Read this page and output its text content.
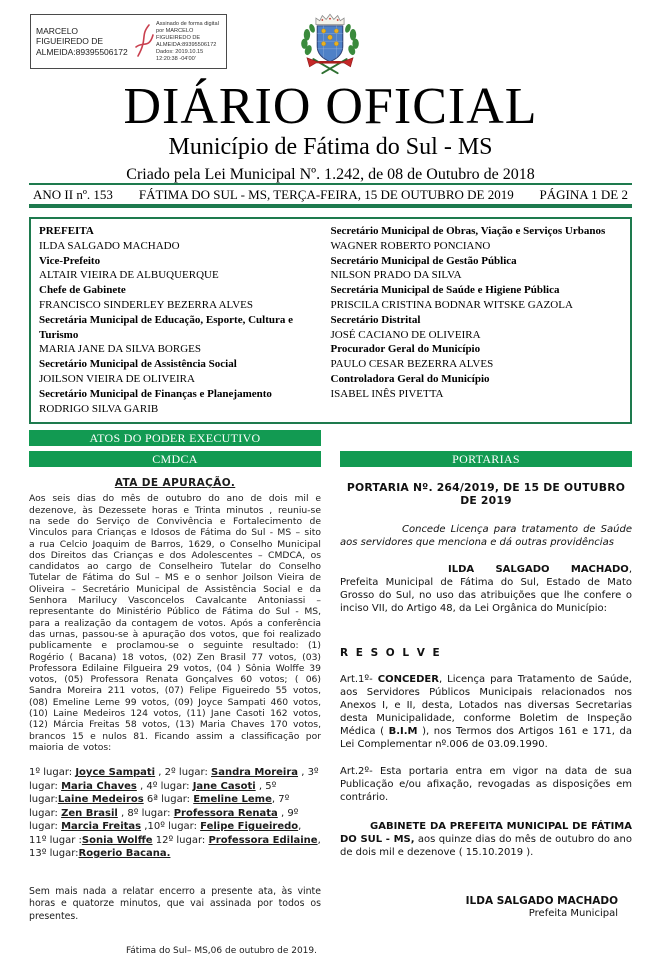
MARCELO FIGUEIREDO DE ALMEIDA:89395506172
Assinado de forma digital por MARCELO FIGUEIREDO DE ALMEIDA:89395506172 Dados: 2019.10.15 12:20:38 -04'00'
DIÁRIO OFICIAL
Município de Fátima do Sul - MS
Criado pela Lei Municipal Nº. 1.242, de 08 de Outubro de 2018
ANO II nº. 153	FÁTIMA DO SUL - MS, TERÇA-FEIRA, 15 DE OUTUBRO DE 2019	PÁGINA 1 DE 2
PREFEITA
ILDA SALGADO MACHADO
Vice-Prefeito
ALTAIR VIEIRA DE ALBUQUERQUE
Chefe de Gabinete
FRANCISCO SINDERLEY BEZERRA ALVES
Secretária Municipal de Educação, Esporte, Cultura e Turismo
MARIA JANE DA SILVA BORGES
Secretário Municipal de Assistência Social
JOILSON VIEIRA DE OLIVEIRA
Secretário Municipal de Finanças e Planejamento
RODRIGO SILVA GARIB
Secretário Municipal de Obras, Viação e Serviços Urbanos
WAGNER ROBERTO PONCIANO
Secretário Municipal de Gestão Pública
NILSON PRADO DA SILVA
Secretária Municipal de Saúde e Higiene Pública
PRISCILA CRISTINA BODNAR WITSKE GAZOLA
Secretário Distrital
JOSÉ CACIANO DE OLIVEIRA
Procurador Geral do Município
PAULO CESAR BEZERRA ALVES
Controladora Geral do Município
ISABEL INÊS PIVETTA
ATOS DO PODER EXECUTIVO
CMDCA	PORTARIAS
ATA DE APURAÇÃO.

Aos seis dias do mês de outubro do ano de dois mil e dezenove, às Dezessete horas e Trinta minutos , reuniu-se na sede do Serviço de Convivência e Fortalecimento de Vinculos para Crianças e Idosos de Fátima do Sul - MS – sito a rua Celcio Joaquim de Barros, 1629, o Conselho Municipal dos Direitos das Crianças e dos Adolescentes – CMDCA, os candidatos ao cargo de Conselheiro Tutelar do Conselho Tutelar de Fátima do Sul – MS e o senhor Joilson Vieira de Oliveira – Secretário Municipal de Assistência Social e da Senhora Marilucy Vasconcelos Cavalcante Antoniassi – representante do Ministério Público de Fátima do Sul - MS, para a realização da contagem de votos. Após a conferência das urnas, passou-se à apuração dos votos, que foi realizado publicamente e proclamou-se o seguinte resultado: (1) Rogério ( Bacana) 18 votos, (02) Zen Brasil 77 votos, (03) Professora Edilaine Filgueira 29 votos, (04 ) Sônia Wolffe 39 votos, (05) Professora Renata Gonçalves 60 votos; ( 06) Sandra Moreira 211 votos, (07) Felipe Figueiredo 55 votos, (08) Emeline Leme 99 votos, (09) Joyce Sampati 460 votos, (10) Laine Medeiros 124 votos, (11) Jane Casoti 162 votos, (12) Márcia Freitas 58 votos, (13) Maria Chaves 170 votos, brancos 15 e nulos 81. Ficando assim a classificação por maioria de votos:

1º lugar: Joyce Sampati , 2º lugar: Sandra Moreira , 3º lugar: Maria Chaves , 4º lugar: Jane Casoti , 5º lugar:Laine Medeiros 6ª lugar: Emeline Leme, 7º lugar: Zen Brasil , 8º lugar: Professora Renata , 9º lugar: Marcia Freitas ,10º lugar: Felipe Figueiredo, 11º lugar :Sonia Wolffe 12º lugar: Professora Edilaine, 13º lugar:Rogerio Bacana.

Sem mais nada a relatar encerro a presente ata, às vinte horas e quatorze minutos, que vai assinada por todos os presentes.

Fátima do Sul– MS,06 de outubro de 2019.
PORTARIA Nº. 264/2019, DE 15 DE OUTUBRO DE 2019

Concede Licença para tratamento de Saúde aos servidores que menciona e dá outras providências

ILDA SALGADO MACHADO, Prefeita Municipal de Fátima do Sul, Estado de Mato Grosso do Sul, no uso das atribuições que lhe confere o inciso VII, do Artigo 48, da Lei Orgânica do Município:

R E S O L V E

Art.1º- CONCEDER, Licença para Tratamento de Saúde, aos Servidores Públicos Municipais relacionados nos Anexos I, e II, desta, Lotados nas diversas Secretarias desta Municipalidade, conforme Boletim de Inspeção Médica ( B.I.M ), nos Termos dos Artigos 161 e 171, da Lei Complementar nº.006 de 03.09.1990.

Art.2º- Esta portaria entra em vigor na data de sua Publicação e/ou afixação, revogadas as disposições em contrário.

GABINETE DA PREFEITA MUNICIPAL DE FÁTIMA DO SUL - MS, aos quinze dias do mês de outubro do ano de dois mil e dezenove ( 15.10.2019 ).

ILDA SALGADO MACHADO
Prefeita Municipal
